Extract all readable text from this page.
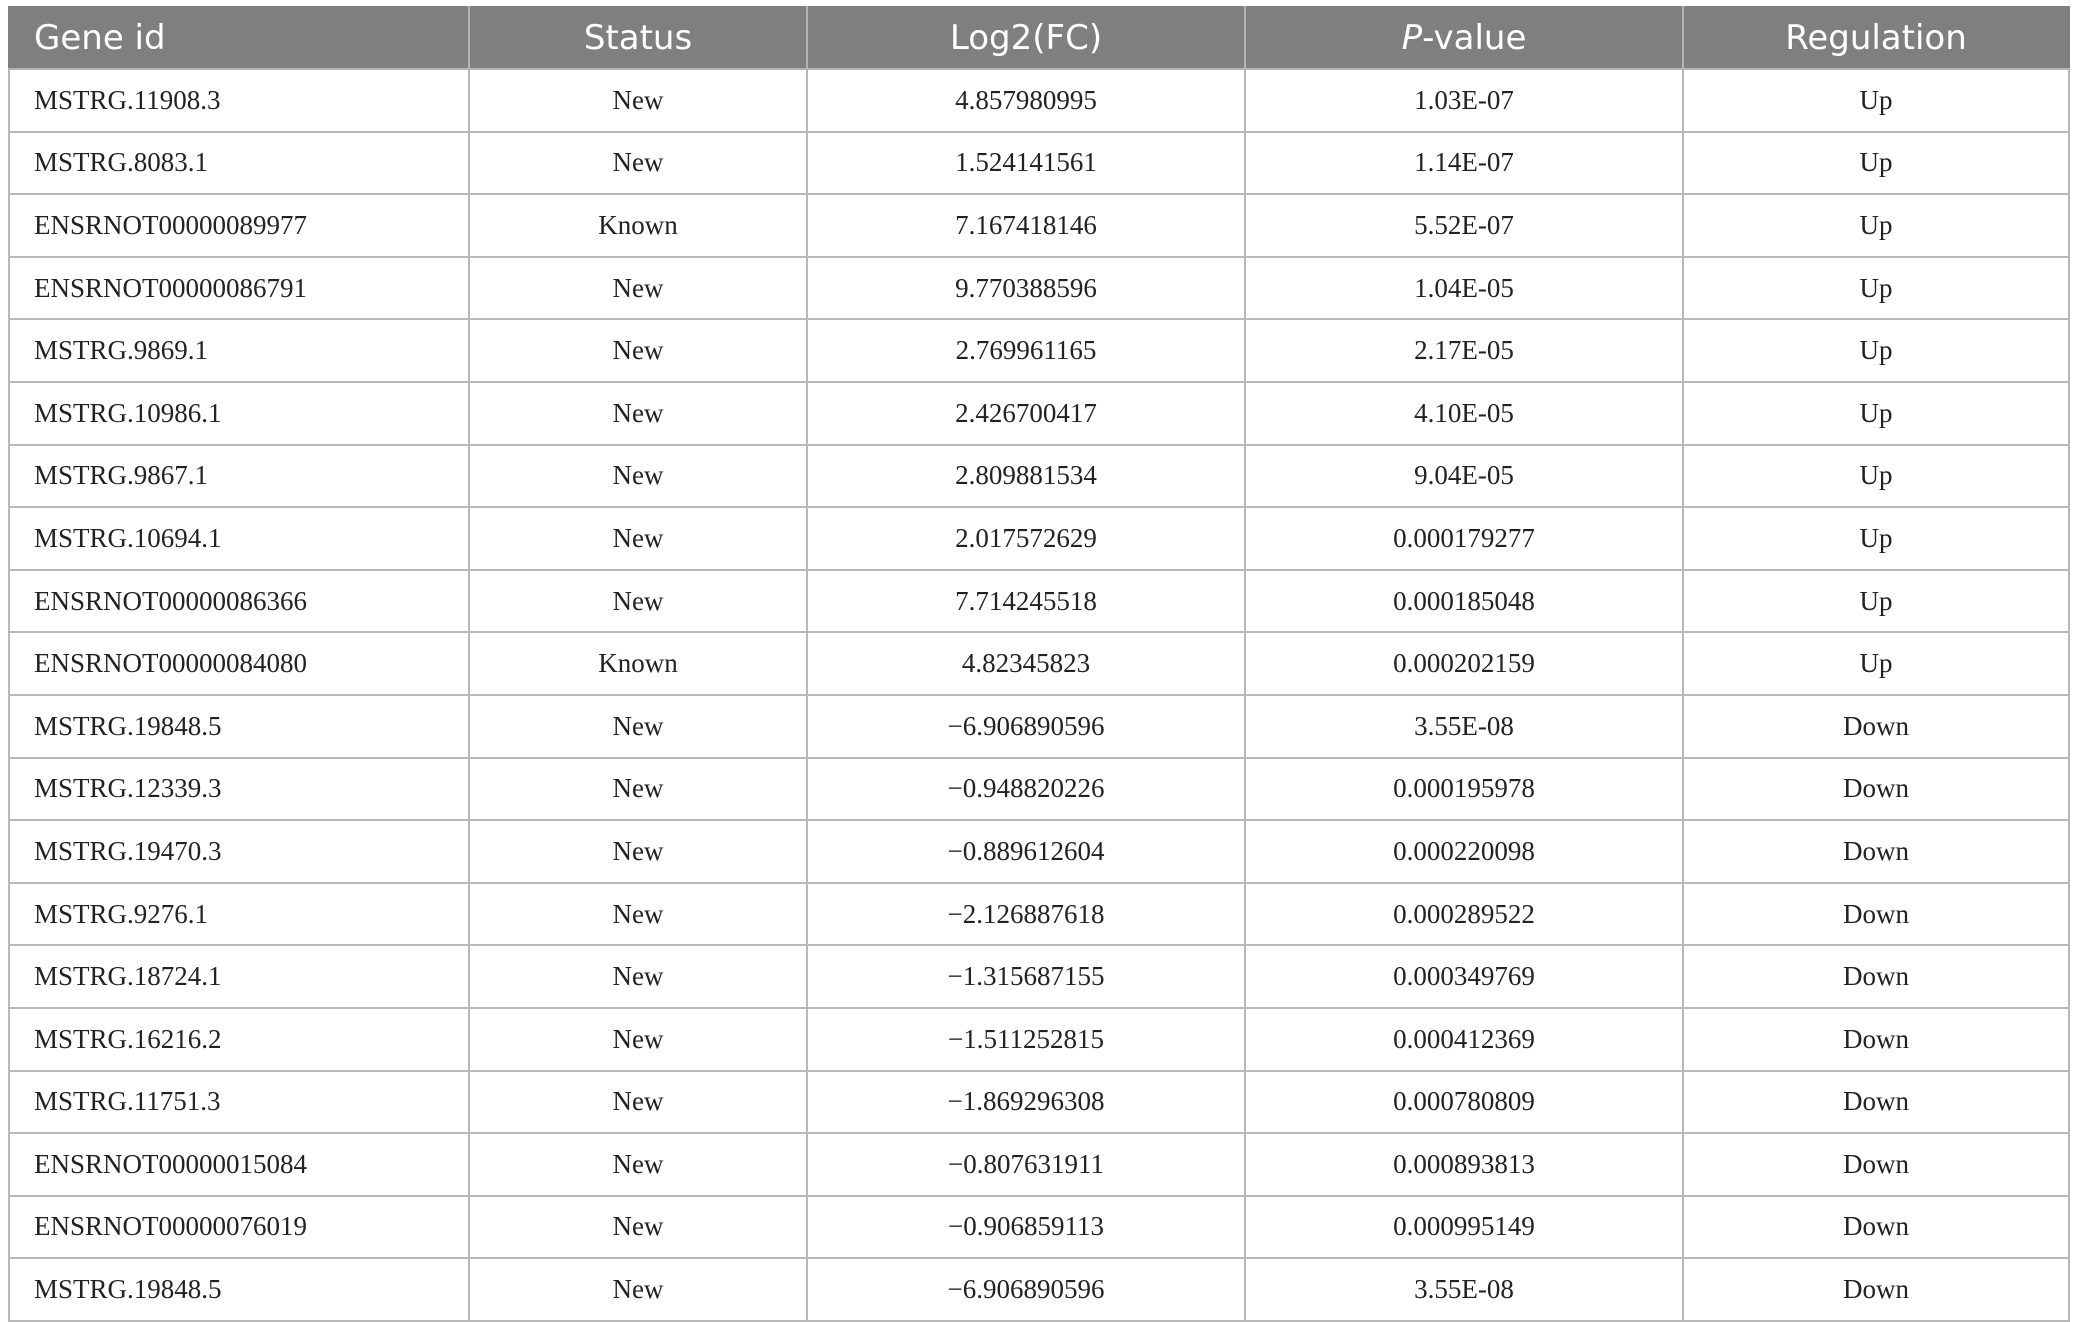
Gene id	Status	Log2(FC)	P-value	Regulation
MSTRG.11908.3	New	4.857980995	1.03E-07	Up
MSTRG.8083.1	New	1.524141561	1.14E-07	Up
ENSRNOT00000089977	Known	7.167418146	5.52E-07	Up
ENSRNOT00000086791	New	9.770388596	1.04E-05	Up
MSTRG.9869.1	New	2.769961165	2.17E-05	Up
MSTRG.10986.1	New	2.426700417	4.10E-05	Up
MSTRG.9867.1	New	2.809881534	9.04E-05	Up
MSTRG.10694.1	New	2.017572629	0.000179277	Up
ENSRNOT00000086366	New	7.714245518	0.000185048	Up
ENSRNOT00000084080	Known	4.82345823	0.000202159	Up
MSTRG.19848.5	New	−6.906890596	3.55E-08	Down
MSTRG.12339.3	New	−0.948820226	0.000195978	Down
MSTRG.19470.3	New	−0.889612604	0.000220098	Down
MSTRG.9276.1	New	−2.126887618	0.000289522	Down
MSTRG.18724.1	New	−1.315687155	0.000349769	Down
MSTRG.16216.2	New	−1.511252815	0.000412369	Down
MSTRG.11751.3	New	−1.869296308	0.000780809	Down
ENSRNOT00000015084	New	−0.807631911	0.000893813	Down
ENSRNOT00000076019	New	−0.906859113	0.000995149	Down
MSTRG.19848.5	New	−6.906890596	3.55E-08	Down
